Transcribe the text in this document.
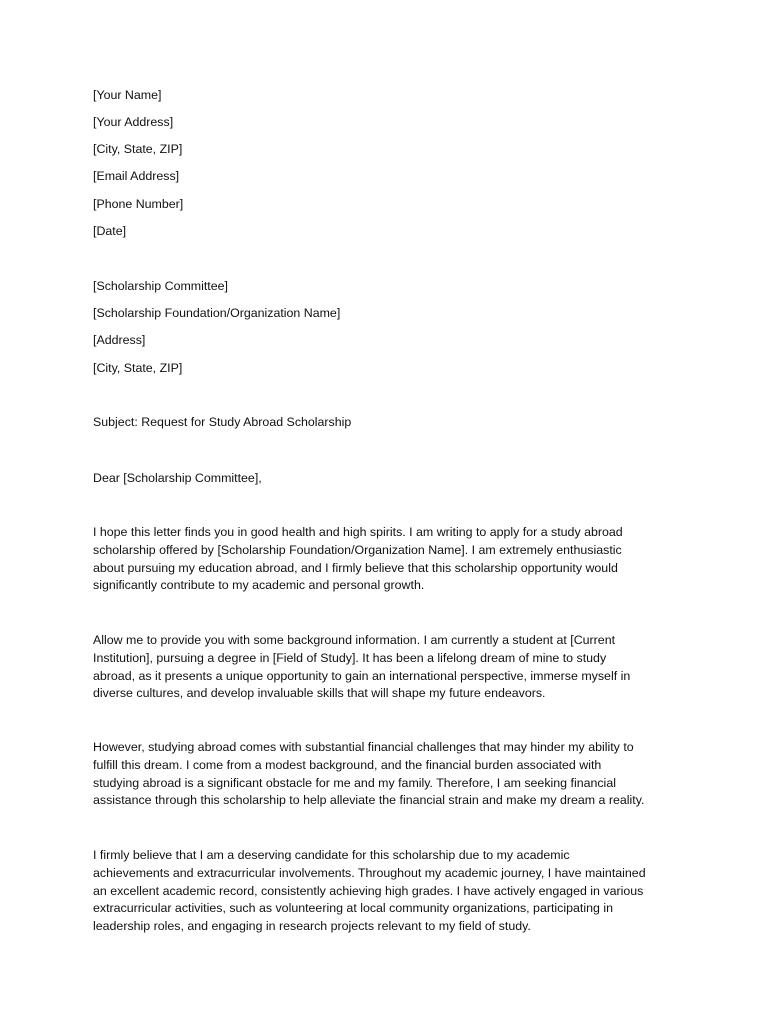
[Your Name]

[Your Address]

[City, State, ZIP]

[Email Address]

[Phone Number]

[Date]

[Scholarship Committee]

[Scholarship Foundation/Organization Name]

[Address]

[City, State, ZIP]

Subject: Request for Study Abroad Scholarship

Dear [Scholarship Committee],

I hope this letter finds you in good health and high spirits. I am writing to apply for a study abroad
scholarship offered by [Scholarship Foundation/Organization Name]. I am extremely enthusiastic
about pursuing my education abroad, and I firmly believe that this scholarship opportunity would
significantly contribute to my academic and personal growth.
Allow me to provide you with some background information. I am currently a student at [Current
Institution], pursuing a degree in [Field of Study]. It has been a lifelong dream of mine to study
abroad, as it presents a unique opportunity to gain an international perspective, immerse myself in
diverse cultures, and develop invaluable skills that will shape my future endeavors.
However, studying abroad comes with substantial financial challenges that may hinder my ability to
fulfill this dream. I come from a modest background, and the financial burden associated with
studying abroad is a significant obstacle for me and my family. Therefore, I am seeking financial
assistance through this scholarship to help alleviate the financial strain and make my dream a reality.
I firmly believe that I am a deserving candidate for this scholarship due to my academic
achievements and extracurricular involvements. Throughout my academic journey, I have maintained
an excellent academic record, consistently achieving high grades. I have actively engaged in various
extracurricular activities, such as volunteering at local community organizations, participating in
leadership roles, and engaging in research projects relevant to my field of study.
